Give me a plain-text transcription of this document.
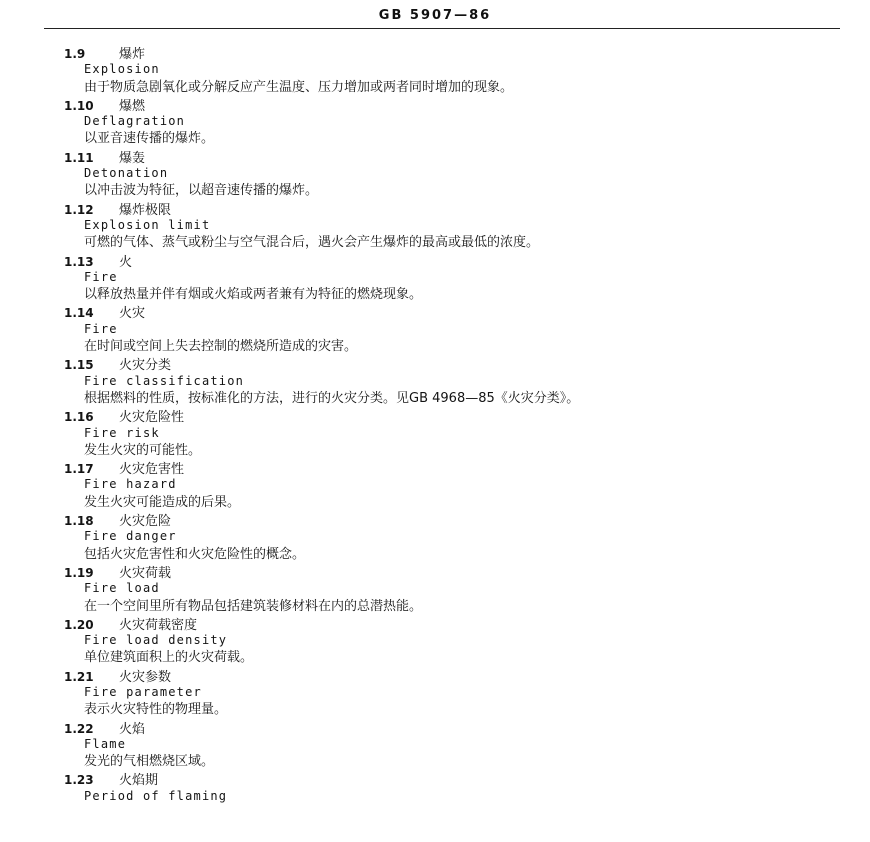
GB 5907—86
1.9	爆炸
Explosion
由于物质急剧氧化或分解反应产生温度、压力增加或两者同时增加的现象。
1.10 爆燃
Deflagration
以亚音速传播的爆炸。
1.11 爆轰
Detonation
以冲击波为特征，以超音速传播的爆炸。
1.12 爆炸极限
Explosion limit
可燃的气体、蒸气或粉尘与空气混合后，遇火会产生爆炸的最高或最低的浓度。
1.13 火
Fire
以释放热量并伴有烟或火焰或两者兼有为特征的燃烧现象。
1.14 火灾
Fire
在时间或空间上失去控制的燃烧所造成的灾害。
1.15 火灾分类
Fire classification
根据燃料的性质，按标准化的方法，进行的火灾分类。见GB 4968—85《火灾分类》。
1.16 火灾危险性
Fire risk
发生火灾的可能性。
1.17 火灾危害性
Fire hazard
发生火灾可能造成的后果。
1.18 火灾危险
Fire danger
包括火灾危害性和火灾危险性的概念。
1.19 火灾荷载
Fire load
在一个空间里所有物品包括建筑装修材料在内的总潜热能。
1.20 火灾荷载密度
Fire load density
单位建筑面积上的火灾荷载。
1.21 火灾参数
Fire parameter
表示火灾特性的物理量。
1.22 火焰
Flame
发光的气相燃烧区域。
1.23 火焰期
Period of flaming
